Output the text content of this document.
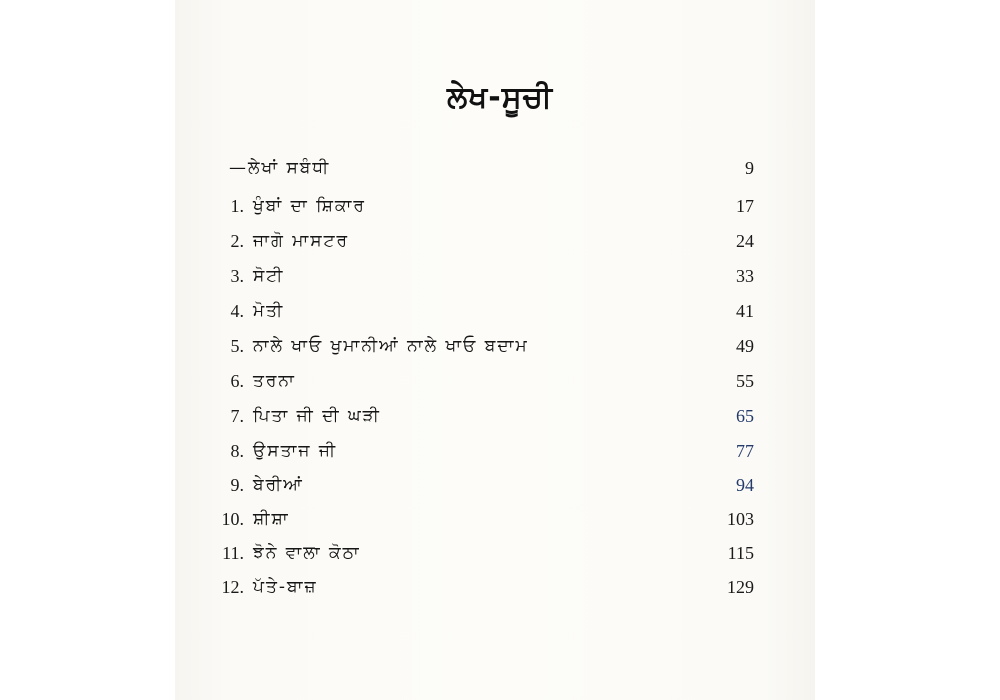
ਲੇਖ-ਸੂਚੀ
—ਲੇਖਾਂ ਸਬੰਧੀ	9
1. ਖੁੰਬਾਂ ਦਾ ਸ਼ਿਕਾਰ	17
2. ਜਾਗੋ ਮਾਸਟਰ	24
3. ਸੋਟੀ	33
4. ਮੋਤੀ	41
5. ਨਾਲੇ ਖਾਓ ਖੁਮਾਨੀਆਂ ਨਾਲੇ ਖਾਓ ਬਦਾਮ	49
6. ਤਰਨਾ	55
7. ਪਿਤਾ ਜੀ ਦੀ ਘੜੀ	65
8. ਉਸਤਾਜ ਜੀ	77
9. ਬੇਰੀਆਂ	94
10. ਸ਼ੀਸ਼ਾ	103
11. ਝੋਨੇ ਵਾਲਾ ਕੋਠਾ	115
12. ਪੱਤੇ-ਬਾਜ਼	129
